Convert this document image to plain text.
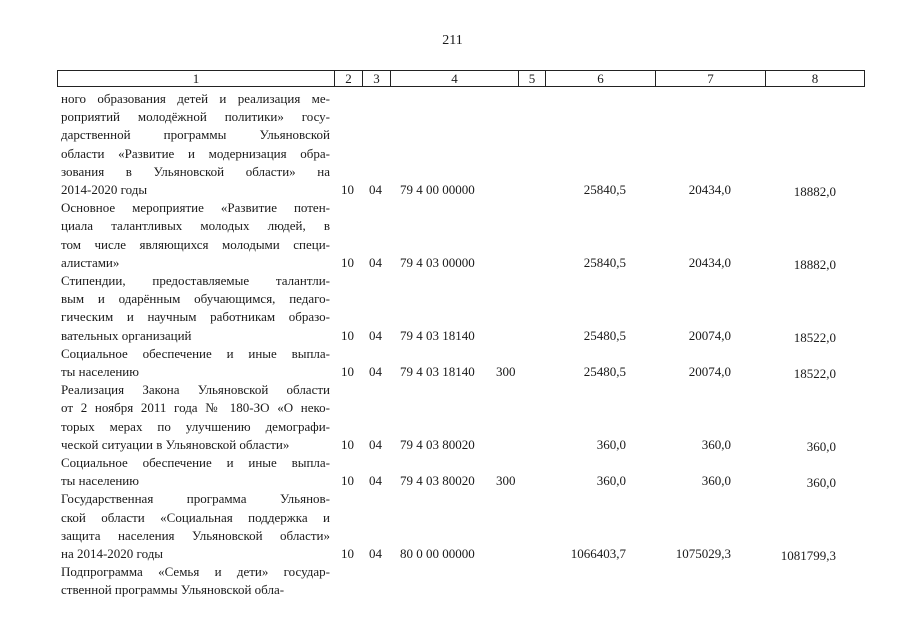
211
1	2	3	4	5	6	7	8
ного образования детей и реализация ме-
роприятий молодёжной политики» госу-
дарственной программы Ульяновской
области «Развитие и модернизация обра-
зования в Ульяновской области» на
2014-2020 годы	10 04 79 4 00 00000	25840,5	20434,0	18882,0
Основное мероприятие «Развитие потен-
циала талантливых молодых людей, в
том числе являющихся молодыми специ-
алистами»	10 04 79 4 03 00000	25840,5	20434,0	18882,0
Стипендии, предоставляемые талантли-
вым и одарённым обучающимся, педаго-
гическим и научным работникам образо-
вательных организаций	10 04 79 4 03 18140	25480,5	20074,0	18522,0
Социальное обеспечение и иные выпла-
ты населению	10 04 79 4 03 18140 300	25480,5	20074,0	18522,0
Реализация Закона Ульяновской области
от 2 ноября 2011 года № 180-ЗО «О неко-
торых мерах по улучшению демографи-
ческой ситуации в Ульяновской области»	10 04 79 4 03 80020	360,0	360,0	360,0
Социальное обеспечение и иные выпла-
ты населению	10 04 79 4 03 80020 300	360,0	360,0	360,0
Государственная программа Ульянов-
ской области «Социальная поддержка и
защита населения Ульяновской области»
на 2014-2020 годы	10 04 80 0 00 00000	1066403,7	1075029,3	1081799,3
Подпрограмма «Семья и дети» государ-
ственной программы Ульяновской обла-
